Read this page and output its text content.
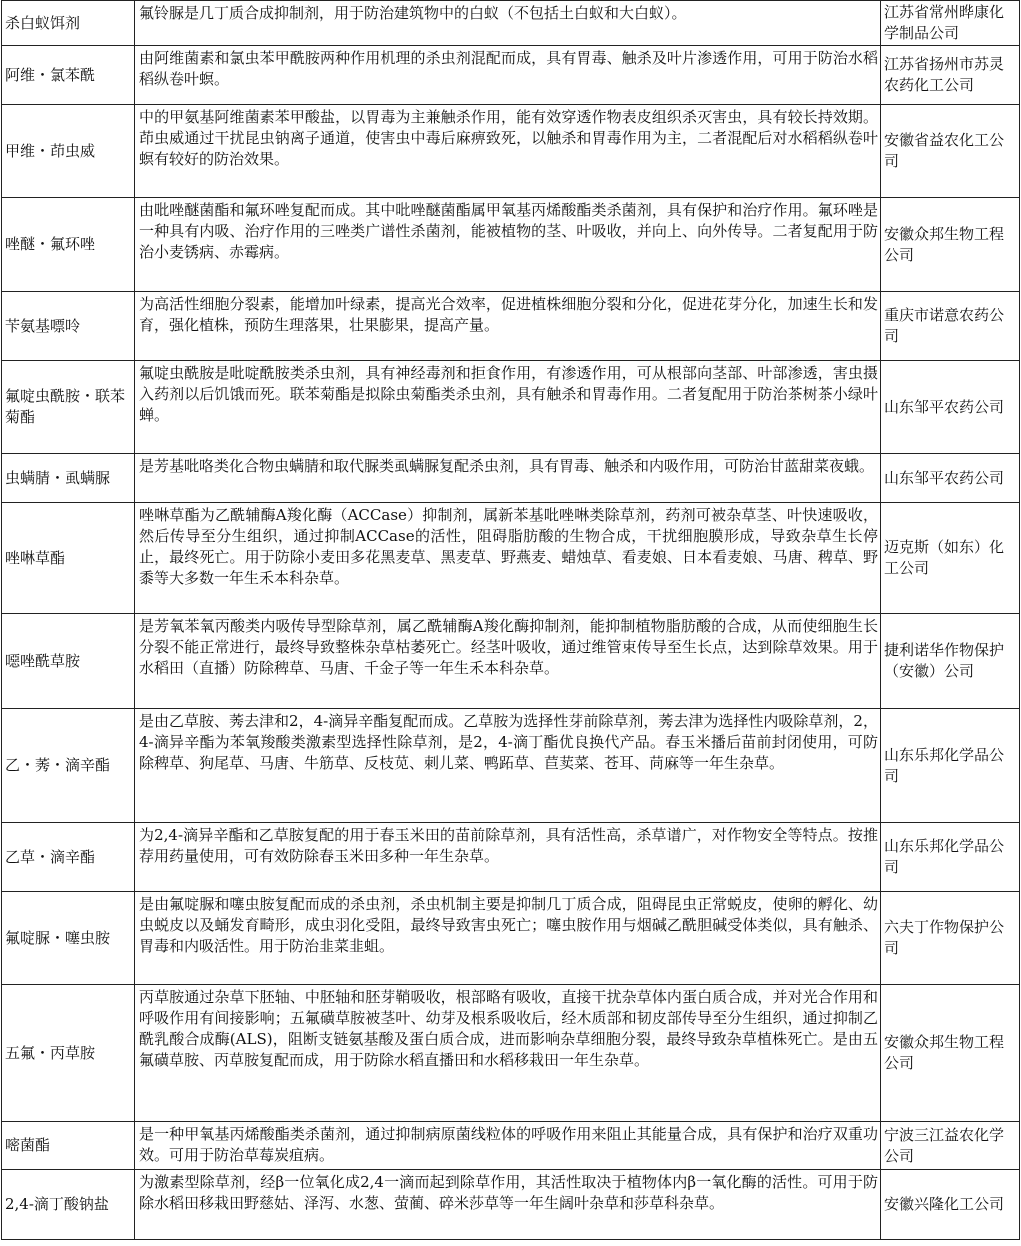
杀白蚁饵剂	氟铃脲是几丁质合成抑制剂，用于防治建筑物中的白蚁（不包括土白蚁和大白蚁）。	江苏省常州晔康化学制品公司
阿维・氯苯酰	由阿维菌素和氯虫苯甲酰胺两种作用机理的杀虫剂混配而成，具有胃毒、触杀及叶片渗透作用，可用于防治水稻稻纵卷叶螟。	江苏省扬州市苏灵农药化工公司
甲维・茚虫威	中的甲氨基阿维菌素苯甲酸盐，以胃毒为主兼触杀作用，能有效穿透作物表皮组织杀灭害虫，具有较长持效期。茚虫威通过干扰昆虫钠离子通道，使害虫中毒后麻痹致死，以触杀和胃毒作用为主，二者混配后对水稻稻纵卷叶螟有较好的防治效果。	安徽省益农化工公司
唑醚・氟环唑	由吡唑醚菌酯和氟环唑复配而成。其中吡唑醚菌酯属甲氧基丙烯酸酯类杀菌剂，具有保护和治疗作用。氟环唑是一种具有内吸、治疗作用的三唑类广谱性杀菌剂，能被植物的茎、叶吸收，并向上、向外传导。二者复配用于防治小麦锈病、赤霉病。	安徽众邦生物工程公司
苄氨基嘌呤	为高活性细胞分裂素，能增加叶绿素，提高光合效率，促进植株细胞分裂和分化，促进花芽分化，加速生长和发育，强化植株，预防生理落果，壮果膨果，提高产量。	重庆市诺意农药公司
氟啶虫酰胺・联苯菊酯	氟啶虫酰胺是吡啶酰胺类杀虫剂，具有神经毒剂和拒食作用，有渗透作用，可从根部向茎部、叶部渗透，害虫摄入药剂以后饥饿而死。联苯菊酯是拟除虫菊酯类杀虫剂，具有触杀和胃毒作用。二者复配用于防治茶树茶小绿叶蝉。	山东邹平农药公司
虫螨腈・虱螨脲	是芳基吡咯类化合物虫螨腈和取代脲类虱螨脲复配杀虫剂，具有胃毒、触杀和内吸作用，可防治甘蓝甜菜夜蛾。	山东邹平农药公司
唑啉草酯	唑啉草酯为乙酰辅酶A羧化酶（ACCase）抑制剂，属新苯基吡唑啉类除草剂，药剂可被杂草茎、叶快速吸收，然后传导至分生组织，通过抑制ACCase的活性，阻碍脂肪酸的生物合成，干扰细胞膜形成，导致杂草生长停止，最终死亡。用于防除小麦田多花黑麦草、黑麦草、野燕麦、蜡烛草、看麦娘、日本看麦娘、马唐、稗草、野黍等大多数一年生禾本科杂草。	迈克斯（如东）化工公司
噁唑酰草胺	是芳氧苯氧丙酸类内吸传导型除草剂，属乙酰辅酶A羧化酶抑制剂，能抑制植物脂肪酸的合成，从而使细胞生长分裂不能正常进行，最终导致整株杂草枯萎死亡。经茎叶吸收，通过维管束传导至生长点，达到除草效果。用于水稻田（直播）防除稗草、马唐、千金子等一年生禾本科杂草。	捷利诺华作物保护（安徽）公司
乙・莠・滴辛酯	是由乙草胺、莠去津和2，4-滴异辛酯复配而成。乙草胺为选择性芽前除草剂，莠去津为选择性内吸除草剂，2，4-滴异辛酯为苯氧羧酸类激素型选择性除草剂，是2，4-滴丁酯优良换代产品。春玉米播后苗前封闭使用，可防除稗草、狗尾草、马唐、牛筋草、反枝苋、刺儿菜、鸭跖草、苣荬菜、苍耳、苘麻等一年生杂草。	山东乐邦化学品公司
乙草・滴辛酯	为2,4-滴异辛酯和乙草胺复配的用于春玉米田的苗前除草剂，具有活性高，杀草谱广，对作物安全等特点。按推荐用药量使用，可有效防除春玉米田多种一年生杂草。	山东乐邦化学品公司
氟啶脲・噻虫胺	是由氟啶脲和噻虫胺复配而成的杀虫剂，杀虫机制主要是抑制几丁质合成，阻碍昆虫正常蜕皮，使卵的孵化、幼虫蜕皮以及蛹发育畸形，成虫羽化受阻，最终导致害虫死亡；噻虫胺作用与烟碱乙酰胆碱受体类似，具有触杀、胃毒和内吸活性。用于防治韭菜韭蛆。	六夫丁作物保护公司
五氟・丙草胺	丙草胺通过杂草下胚轴、中胚轴和胚芽鞘吸收，根部略有吸收，直接干扰杂草体内蛋白质合成，并对光合作用和呼吸作用有间接影响；五氟磺草胺被茎叶、幼芽及根系吸收后，经木质部和韧皮部传导至分生组织，通过抑制乙酰乳酸合成酶(ALS)，阻断支链氨基酸及蛋白质合成，进而影响杂草细胞分裂，最终导致杂草植株死亡。是由五氟磺草胺、丙草胺复配而成，用于防除水稻直播田和水稻移栽田一年生杂草。	安徽众邦生物工程公司
嘧菌酯	是一种甲氧基丙烯酸酯类杀菌剂，通过抑制病原菌线粒体的呼吸作用来阻止其能量合成，具有保护和治疗双重功效。可用于防治草莓炭疽病。	宁波三江益农化学公司
2,4-滴丁酸钠盐	为激素型除草剂，经β一位氧化成2,4一滴而起到除草作用，其活性取决于植物体内β一氧化酶的活性。可用于防除水稻田移栽田野慈姑、泽泻、水葱、萤蔺、碎米莎草等一年生阔叶杂草和莎草科杂草。	安徽兴隆化工公司
